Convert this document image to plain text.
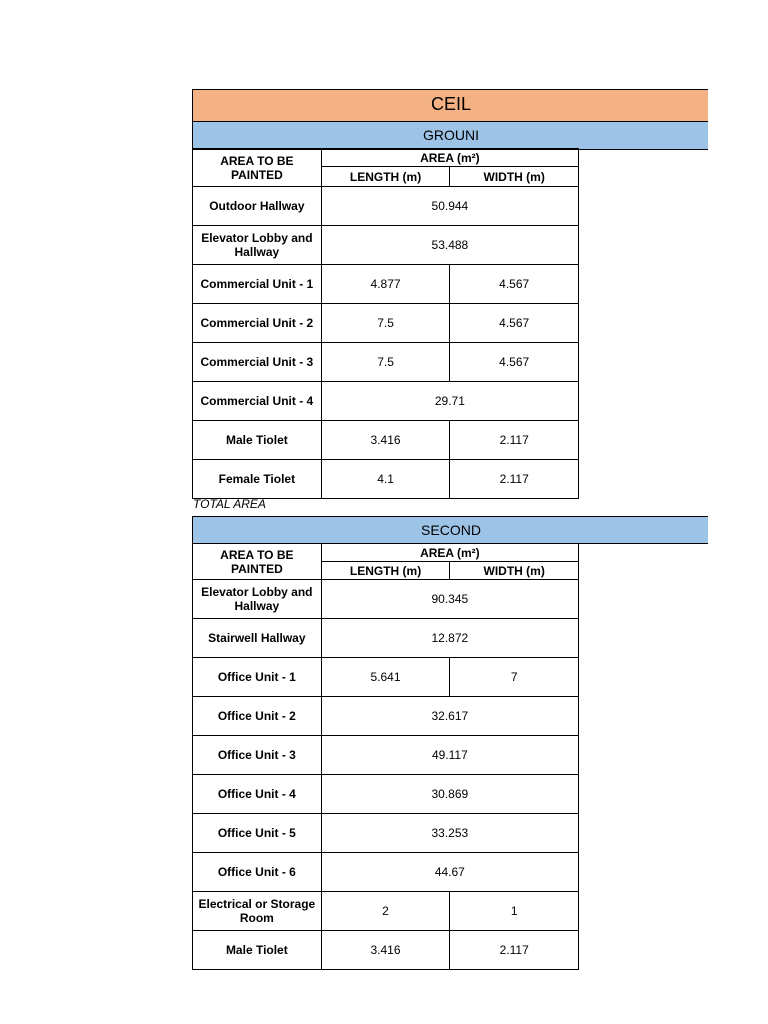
CEIL
GROUNI
AREA TO BE PAINTED	AREA (m²)	
	LENGTH (m)	WIDTH (m)
Outdoor Hallway	50.944	
Elevator Lobby and Hallway	53.488	
Commercial Unit - 1	4.877	4.567
Commercial Unit - 2	7.5	4.567
Commercial Unit - 3	7.5	4.567
Commercial Unit - 4	29.71	
Male Tiolet	3.416	2.117
Female Tiolet	4.1	2.117
TOTAL AREA
SECOND
AREA TO BE PAINTED	AREA (m²)	
	LENGTH (m)	WIDTH (m)
Elevator Lobby and Hallway	90.345	
Stairwell Hallway	12.872	
Office Unit - 1	5.641	7
Office Unit - 2	32.617	
Office Unit - 3	49.117	
Office Unit - 4	30.869	
Office Unit - 5	33.253	
Office Unit - 6	44.67	
Electrical or Storage Room	2	1
Male Tiolet	3.416	2.117
